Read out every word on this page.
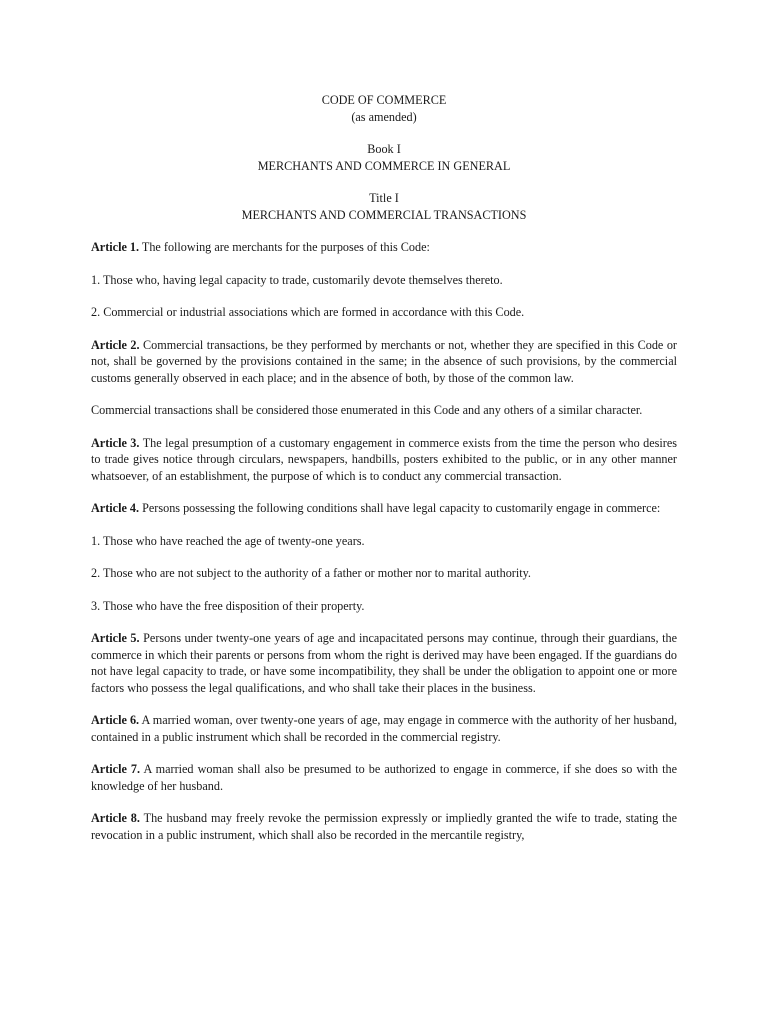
CODE OF COMMERCE
(as amended)
Book I
MERCHANTS AND COMMERCE IN GENERAL
Title I
MERCHANTS AND COMMERCIAL TRANSACTIONS

Article 1. The following are merchants for the purposes of this Code:

1. Those who, having legal capacity to trade, customarily devote themselves thereto.

2. Commercial or industrial associations which are formed in accordance with this Code.

Article 2. Commercial transactions, be they performed by merchants or not, whether they are specified in this Code or not, shall be governed by the provisions contained in the same; in the absence of such provisions, by the commercial customs generally observed in each place; and in the absence of both, by those of the common law.

Commercial transactions shall be considered those enumerated in this Code and any others of a similar character.

Article 3. The legal presumption of a customary engagement in commerce exists from the time the person who desires to trade gives notice through circulars, newspapers, handbills, posters exhibited to the public, or in any other manner whatsoever, of an establishment, the purpose of which is to conduct any commercial transaction.

Article 4. Persons possessing the following conditions shall have legal capacity to customarily engage in commerce:

1. Those who have reached the age of twenty-one years.

2. Those who are not subject to the authority of a father or mother nor to marital authority.

3. Those who have the free disposition of their property.

Article 5. Persons under twenty-one years of age and incapacitated persons may continue, through their guardians, the commerce in which their parents or persons from whom the right is derived may have been engaged. If the guardians do not have legal capacity to trade, or have some incompatibility, they shall be under the obligation to appoint one or more factors who possess the legal qualifications, and who shall take their places in the business.

Article 6. A married woman, over twenty-one years of age, may engage in commerce with the authority of her husband, contained in a public instrument which shall be recorded in the commercial registry.

Article 7. A married woman shall also be presumed to be authorized to engage in commerce, if she does so with the knowledge of her husband.

Article 8. The husband may freely revoke the permission expressly or impliedly granted the wife to trade, stating the revocation in a public instrument, which shall also be recorded in the mercantile registry,
